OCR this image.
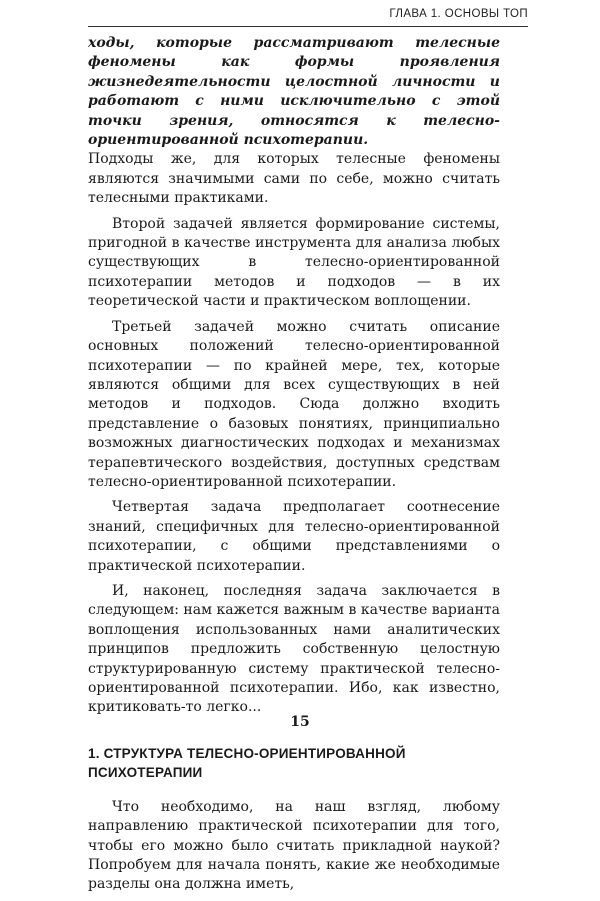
ГЛАВА 1. ОСНОВЫ ТОП

ходы, которые рассматривают телесные феномены как формы проявления жизнедеятельности целостной личности и работают с ними исключительно с этой точки зрения, относятся к телесно-ориентированной психотерапии.

Подходы же, для которых телесные феномены являются значимыми сами по себе, можно считать телесными практиками.

Второй задачей является формирование системы, пригодной в качестве инструмента для анализа любых существующих в телесно-ориентированной психотерапии методов и подходов — в их теоретической части и практическом воплощении.

Третьей задачей можно считать описание основных положений телесно-ориентированной психотерапии — по крайней мере, тех, которые являются общими для всех существующих в ней методов и подходов. Сюда должно входить представление о базовых понятиях, принципиально возможных диагностических подходах и механизмах терапевтического воздействия, доступных средствам телесно-ориентированной психотерапии.

Четвертая задача предполагает соотнесение знаний, специфичных для телесно-ориентированной психотерапии, с общими представлениями о практической психотерапии.

И, наконец, последняя задача заключается в следующем: нам кажется важным в качестве варианта воплощения использованных нами аналитических принципов предложить собственную целостную структурированную систему практической телесно-ориентированной психотерапии. Ибо, как известно, критиковать-то легко...

1. СТРУКТУРА ТЕЛЕСНО-ОРИЕНТИРОВАННОЙ ПСИХОТЕРАПИИ

Что необходимо, на наш взгляд, любому направлению практической психотерапии для того, чтобы его можно было считать прикладной наукой? Попробуем для начала понять, какие же необходимые разделы она должна иметь,

15
